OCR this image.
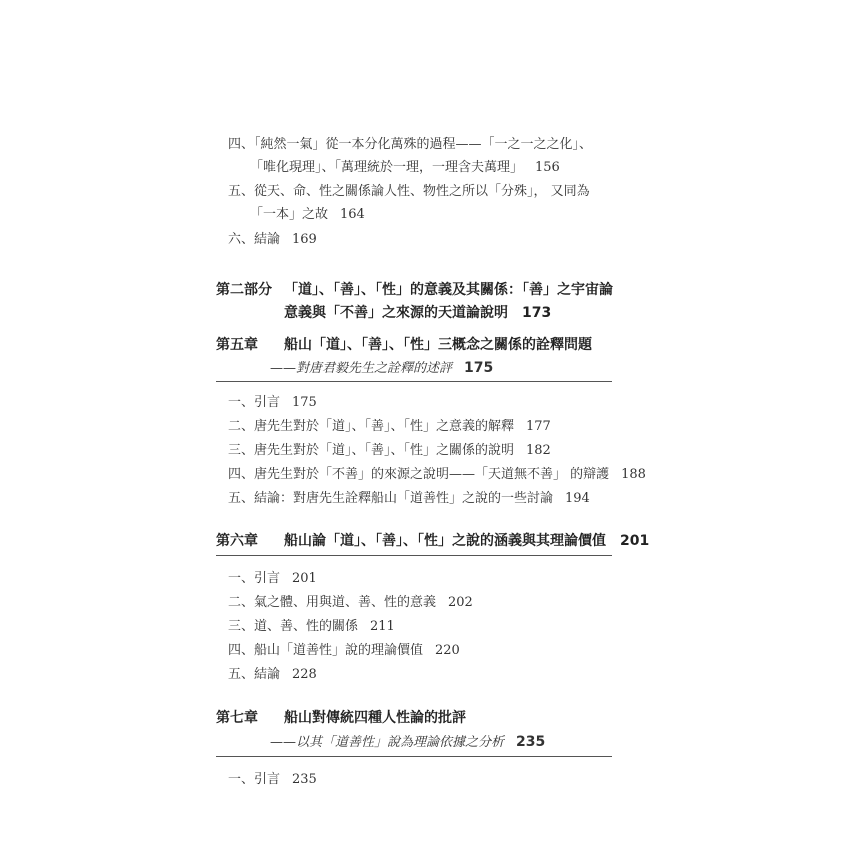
四、「純然一氣」從一本分化萬殊的過程——「一之一之之化」、
「唯化現理」、「萬理統於一理，一理含夫萬理」 156
五、從天、命、性之關係論人性、物性之所以「分殊」， 又同為
「一本」之故 164
六、結論 169
第二部分 「道」、「善」、「性」的意義及其關係：「善」之宇宙論
意義與「不善」之來源的天道論說明 173
第五章 船山「道」、「善」、「性」三概念之關係的詮釋問題
——對唐君毅先生之詮釋的述評 175
一、引言 175
二、唐先生對於「道」、「善」、「性」之意義的解釋 177
三、唐先生對於「道」、「善」、「性」之關係的說明 182
四、唐先生對於「不善」的來源之說明——「天道無不善」 的辯護 188
五、結論：對唐先生詮釋船山「道善性」之說的一些討論 194
第六章 船山論「道」、「善」、「性」之說的涵義與其理論價值 201
一、引言 201
二、氣之體、用與道、善、性的意義 202
三、道、善、性的關係 211
四、船山「道善性」說的理論價值 220
五、結論 228
第七章 船山對傳統四種人性論的批評
——以其「道善性」說為理論依據之分析 235
一、引言 235
